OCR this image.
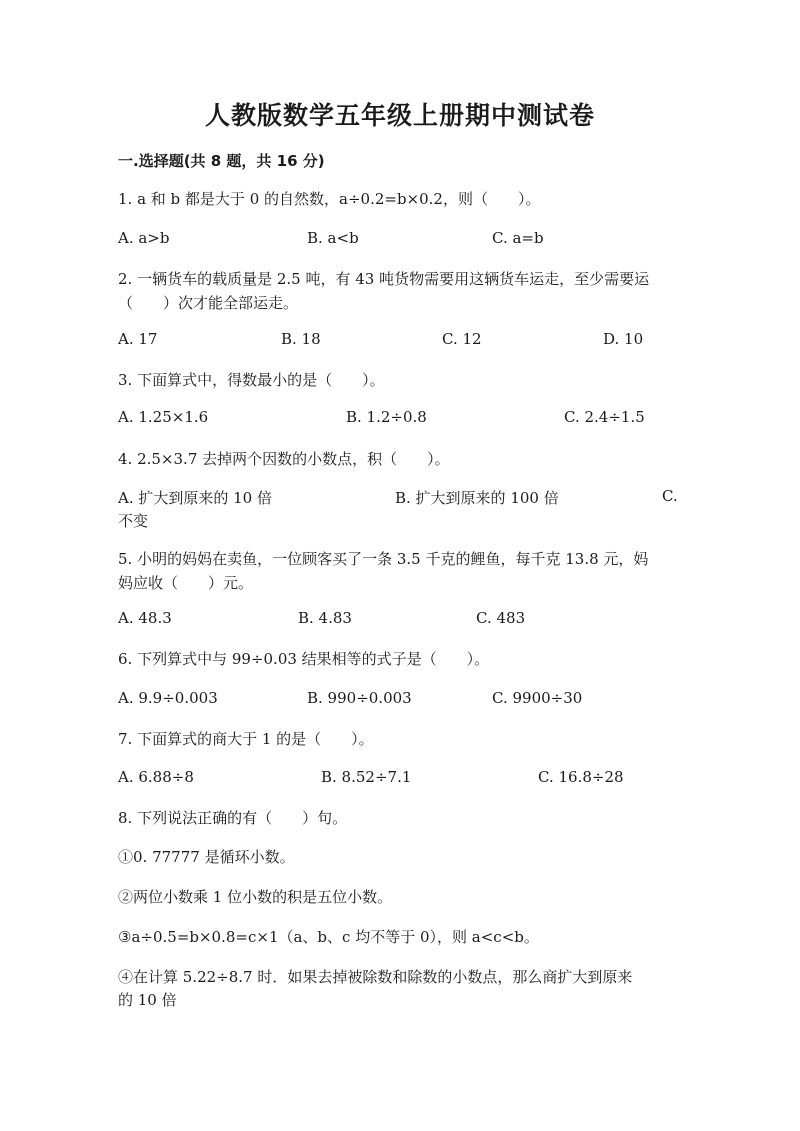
人教版数学五年级上册期中测试卷
一.选择题(共 8 题，共 16 分)
1. a 和 b 都是大于 0 的自然数，a÷0.2=b×0.2，则（　　）。
A. a>b	B. a<b	C. a=b
2. 一辆货车的载质量是 2.5 吨，有 43 吨货物需要用这辆货车运走，至少需要运
（　　）次才能全部运走。
A. 17	B. 18	C. 12	D. 10
3. 下面算式中，得数最小的是（　　）。
A. 1.25×1.6	B. 1.2÷0.8	C. 2.4÷1.5
4. 2.5×3.7 去掉两个因数的小数点，积（　　）。
A. 扩大到原来的 10 倍	B. 扩大到原来的 100 倍	C.
不变
5. 小明的妈妈在卖鱼，一位顾客买了一条 3.5 千克的鲤鱼，每千克 13.8 元，妈
妈应收（　　）元。
A. 48.3	B. 4.83	C. 483
6. 下列算式中与 99÷0.03 结果相等的式子是（　　）。
A. 9.9÷0.003	B. 990÷0.003	C. 9900÷30
7. 下面算式的商大于 1 的是（　　）。
A. 6.88÷8	B. 8.52÷7.1	C. 16.8÷28
8. 下列说法正确的有（　　）句。
①0. 77777 是循环小数。
②两位小数乘 1 位小数的积是五位小数。
③a÷0.5=b×0.8=c×1（a、b、c 均不等于 0），则 a<c<b。
④在计算 5.22÷8.7 时．如果去掉被除数和除数的小数点，那么商扩大到原来
的 10 倍
